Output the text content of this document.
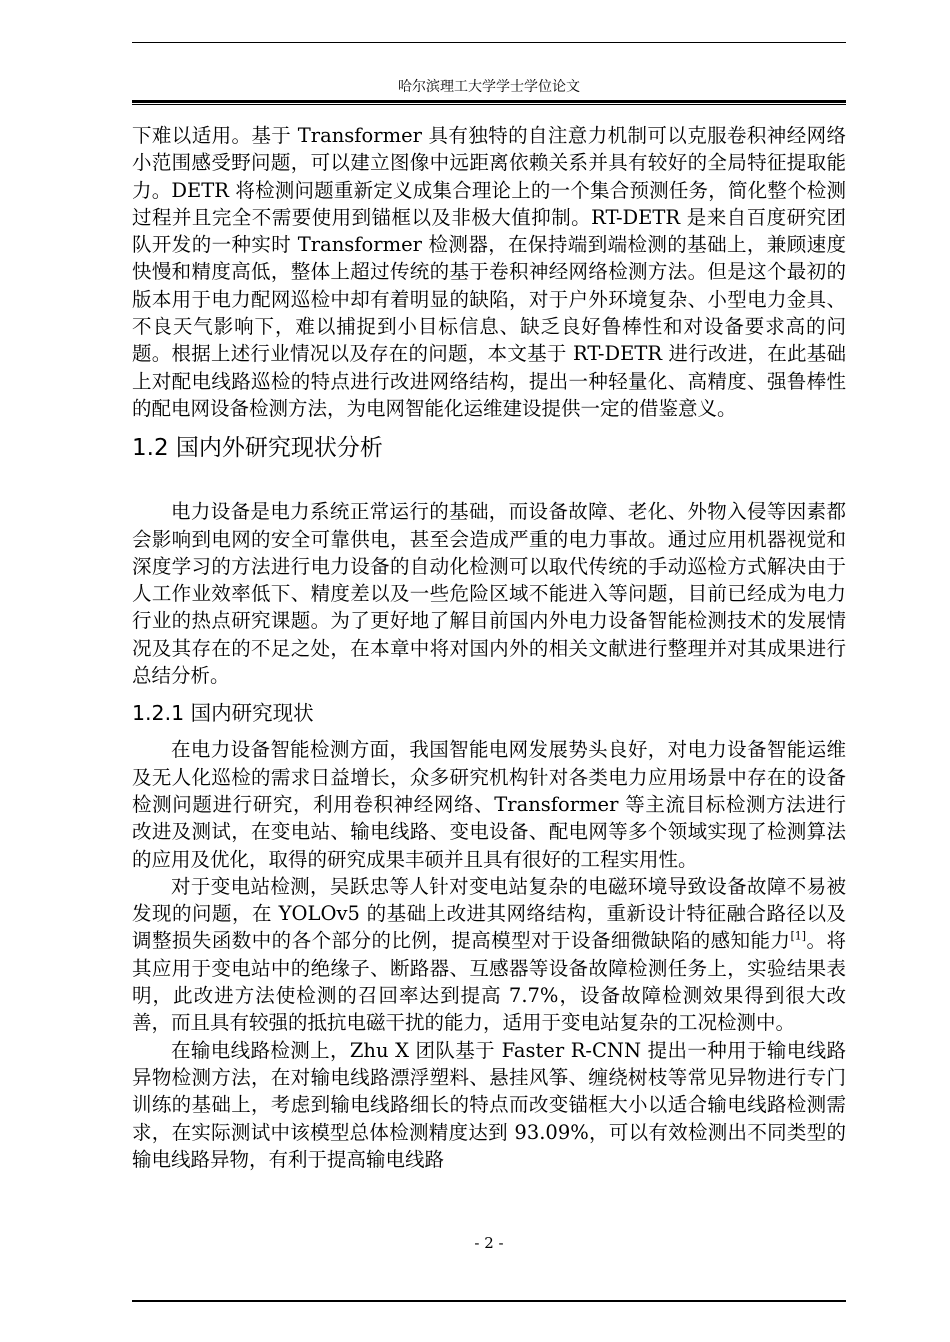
哈尔滨理工大学学士学位论文

下难以适用。基于 Transformer 具有独特的自注意力机制可以克服卷积神经网络小范围感受野问题，可以建立图像中远距离依赖关系并具有较好的全局特征提取能力。DETR 将检测问题重新定义成集合理论上的一个集合预测任务，简化整个检测过程并且完全不需要使用到锚框以及非极大值抑制。RT-DETR 是来自百度研究团队开发的一种实时 Transformer 检测器，在保持端到端检测的基础上，兼顾速度快慢和精度高低，整体上超过传统的基于卷积神经网络检测方法。但是这个最初的版本用于电力配网巡检中却有着明显的缺陷，对于户外环境复杂、小型电力金具、不良天气影响下，难以捕捉到小目标信息、缺乏良好鲁棒性和对设备要求高的问题。根据上述行业情况以及存在的问题，本文基于 RT-DETR 进行改进，在此基础上对配电线路巡检的特点进行改进网络结构，提出一种轻量化、高精度、强鲁棒性的配电网设备检测方法，为电网智能化运维建设提供一定的借鉴意义。

1.2 国内外研究现状分析

电力设备是电力系统正常运行的基础，而设备故障、老化、外物入侵等因素都会影响到电网的安全可靠供电，甚至会造成严重的电力事故。通过应用机器视觉和深度学习的方法进行电力设备的自动化检测可以取代传统的手动巡检方式解决由于人工作业效率低下、精度差以及一些危险区域不能进入等问题，目前已经成为电力行业的热点研究课题。为了更好地了解目前国内外电力设备智能检测技术的发展情况及其存在的不足之处，在本章中将对国内外的相关文献进行整理并对其成果进行总结分析。

1.2.1 国内研究现状

在电力设备智能检测方面，我国智能电网发展势头良好，对电力设备智能运维及无人化巡检的需求日益增长，众多研究机构针对各类电力应用场景中存在的设备检测问题进行研究，利用卷积神经网络、Transformer 等主流目标检测方法进行改进及测试，在变电站、输电线路、变电设备、配电网等多个领域实现了检测算法的应用及优化，取得的研究成果丰硕并且具有很好的工程实用性。

对于变电站检测，吴跃忠等人针对变电站复杂的电磁环境导致设备故障不易被发现的问题，在 YOLOv5 的基础上改进其网络结构，重新设计特征融合路径以及调整损失函数中的各个部分的比例，提高模型对于设备细微缺陷的感知能力[1]。将其应用于变电站中的绝缘子、断路器、互感器等设备故障检测任务上，实验结果表明，此改进方法使检测的召回率达到提高 7.7%，设备故障检测效果得到很大改善，而且具有较强的抵抗电磁干扰的能力，适用于变电站复杂的工况检测中。

在输电线路检测上，Zhu X 团队基于 Faster R-CNN 提出一种用于输电线路异物检测方法，在对输电线路漂浮塑料、悬挂风筝、缠绕树枝等常见异物进行专门训练的基础上，考虑到输电线路细长的特点而改变锚框大小以适合输电线路检测需求，在实际测试中该模型总体检测精度达到 93.09%，可以有效检测出不同类型的输电线路异物，有利于提高输电线路

- 2 -
